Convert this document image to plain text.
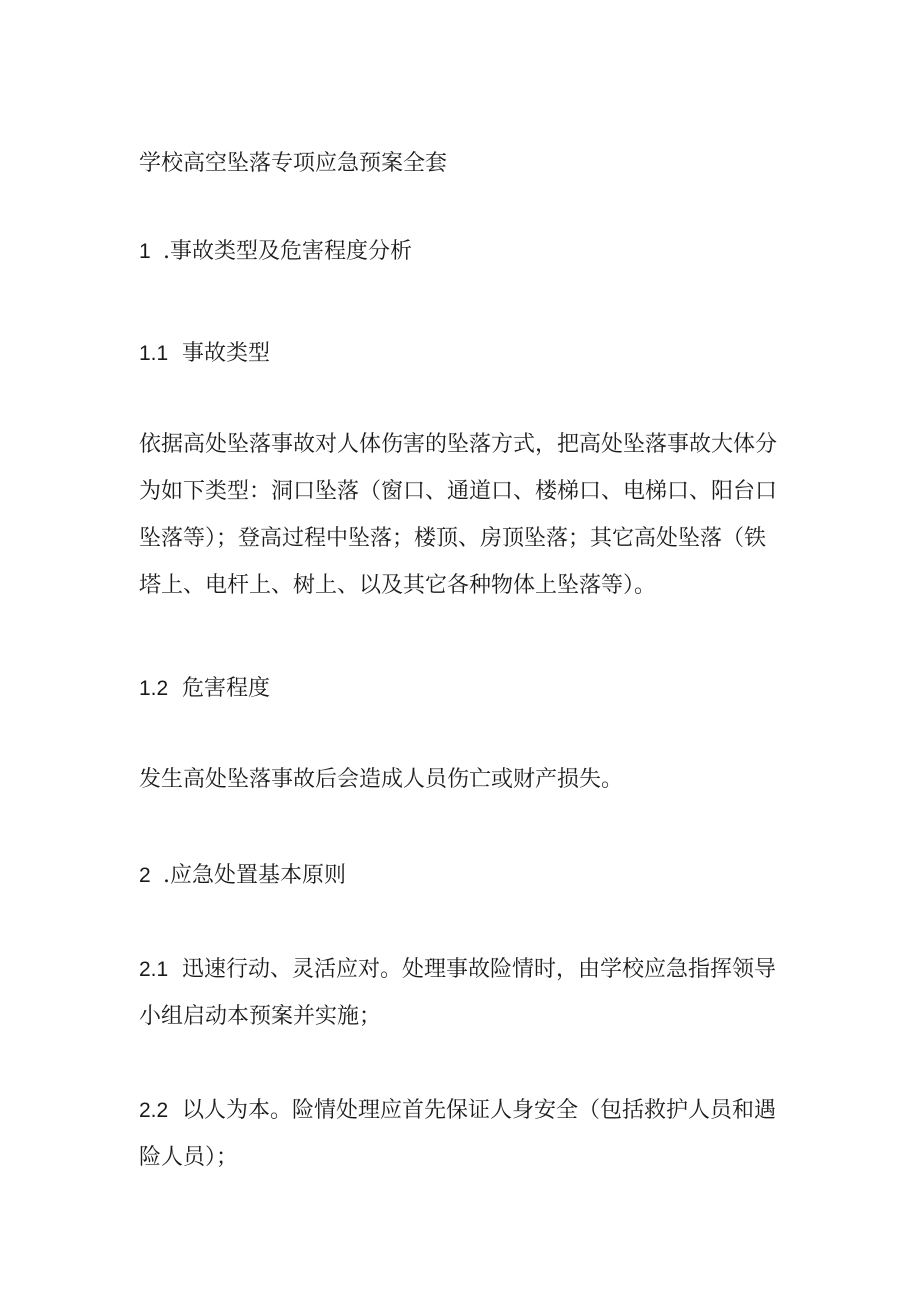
学校高空坠落专项应急预案全套

1 .事故类型及危害程度分析

1.1 事故类型

依据高处坠落事故对人体伤害的坠落方式，把高处坠落事故大体分
为如下类型：洞口坠落（窗口、通道口、楼梯口、电梯口、阳台口
坠落等）；登高过程中坠落；楼顶、房顶坠落；其它高处坠落（铁
塔上、电杆上、树上、以及其它各种物体上坠落等）。

1.2 危害程度

发生高处坠落事故后会造成人员伤亡或财产损失。

2 .应急处置基本原则

2.1 迅速行动、灵活应对。处理事故险情时，由学校应急指挥领导
小组启动本预案并实施；
2.2 以人为本。险情处理应首先保证人身安全（包括救护人员和遇
险人员）；
